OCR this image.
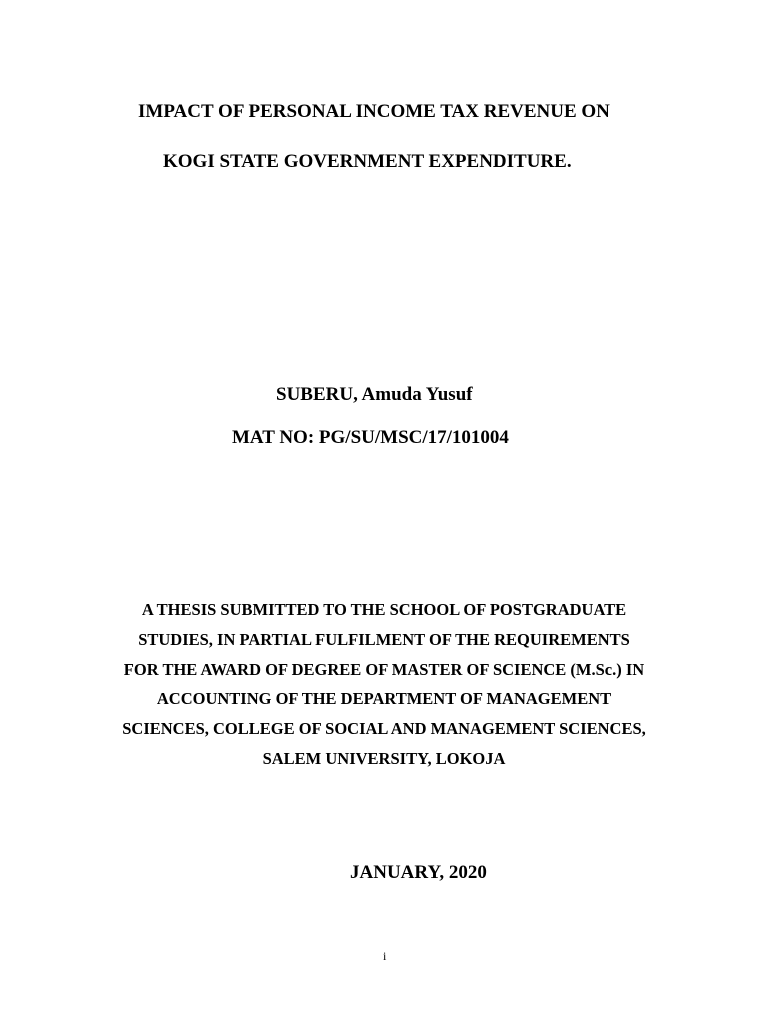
IMPACT OF PERSONAL INCOME TAX REVENUE ON

KOGI STATE GOVERNMENT EXPENDITURE.

SUBERU, Amuda Yusuf

MAT NO: PG/SU/MSC/17/101004

A THESIS SUBMITTED TO THE SCHOOL OF POSTGRADUATE

STUDIES, IN PARTIAL FULFILMENT OF THE REQUIREMENTS

FOR THE AWARD OF DEGREE OF MASTER OF SCIENCE (M.Sc.) IN

ACCOUNTING OF THE DEPARTMENT OF MANAGEMENT

SCIENCES, COLLEGE OF SOCIAL AND MANAGEMENT SCIENCES,

SALEM UNIVERSITY, LOKOJA

JANUARY, 2020

i
